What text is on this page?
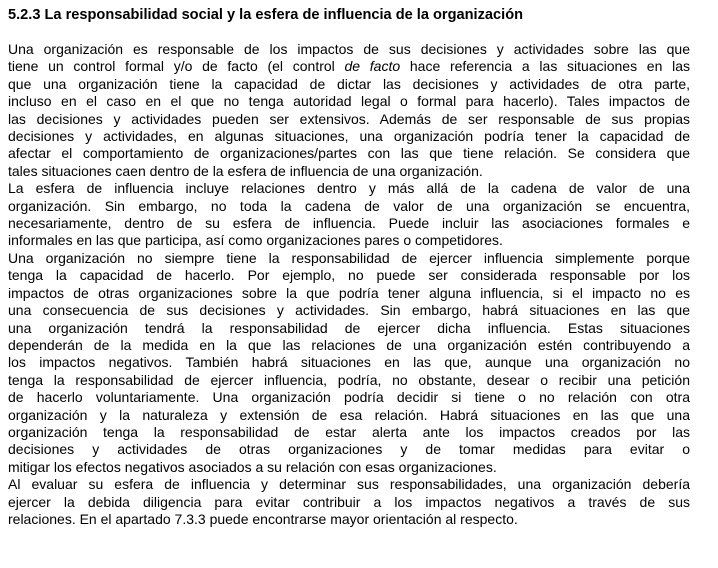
5.2.3 La responsabilidad social y la esfera de influencia de la organización
Una organización es responsable de los impactos de sus decisiones y actividades sobre las que
tiene un control formal y/o de facto (el control de facto hace referencia a las situaciones en las
que una organización tiene la capacidad de dictar las decisiones y actividades de otra parte,
incluso en el caso en el que no tenga autoridad legal o formal para hacerlo). Tales impactos de
las decisiones y actividades pueden ser extensivos. Además de ser responsable de sus propias
decisiones y actividades, en algunas situaciones, una organización podría tener la capacidad de
afectar el comportamiento de organizaciones/partes con las que tiene relación. Se considera que
tales situaciones caen dentro de la esfera de influencia de una organización.
La esfera de influencia incluye relaciones dentro y más allá de la cadena de valor de una
organización. Sin embargo, no toda la cadena de valor de una organización se encuentra,
necesariamente, dentro de su esfera de influencia. Puede incluir las asociaciones formales e
informales en las que participa, así como organizaciones pares o competidores.
Una organización no siempre tiene la responsabilidad de ejercer influencia simplemente porque
tenga la capacidad de hacerlo. Por ejemplo, no puede ser considerada responsable por los
impactos de otras organizaciones sobre la que podría tener alguna influencia, si el impacto no es
una consecuencia de sus decisiones y actividades. Sin embargo, habrá situaciones en las que
una organización tendrá la responsabilidad de ejercer dicha influencia. Estas situaciones
dependerán de la medida en la que las relaciones de una organización estén contribuyendo a
los impactos negativos. También habrá situaciones en las que, aunque una organización no
tenga la responsabilidad de ejercer influencia, podría, no obstante, desear o recibir una petición
de hacerlo voluntariamente. Una organización podría decidir si tiene o no relación con otra
organización y la naturaleza y extensión de esa relación. Habrá situaciones en las que una
organización tenga la responsabilidad de estar alerta ante los impactos creados por las
decisiones y actividades de otras organizaciones y de tomar medidas para evitar o
mitigar los efectos negativos asociados a su relación con esas organizaciones.
Al evaluar su esfera de influencia y determinar sus responsabilidades, una organización debería
ejercer la debida diligencia para evitar contribuir a los impactos negativos a través de sus
relaciones. En el apartado 7.3.3 puede encontrarse mayor orientación al respecto.
